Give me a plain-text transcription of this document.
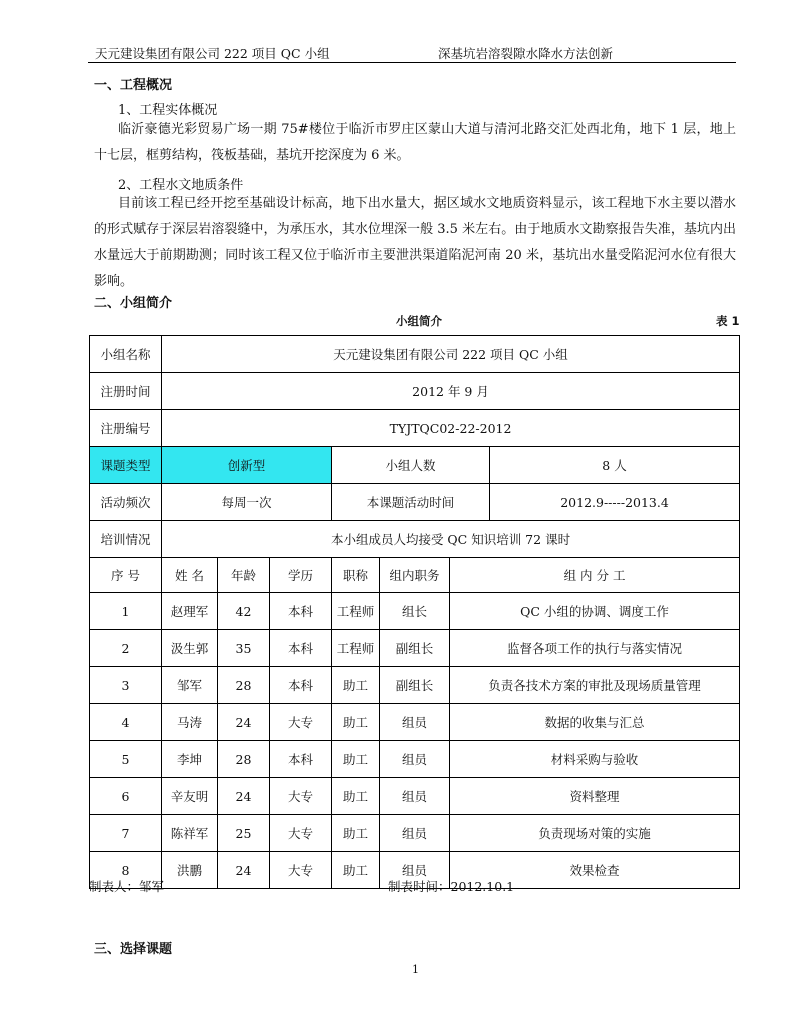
天元建设集团有限公司 222 项目 QC 小组	深基坑岩溶裂隙水降水方法创新
一、工程概况
1、工程实体概况

临沂豪德光彩贸易广场一期 75#楼位于临沂市罗庄区蒙山大道与清河北路交汇处西北角，地下 1 层，地上十七层，框剪结构，筏板基础，基坑开挖深度为 6 米。

2、工程水文地质条件

目前该工程已经开挖至基础设计标高，地下出水量大，据区域水文地质资料显示，该工程地下水主要以潜水的形式赋存于深层岩溶裂缝中，为承压水，其水位埋深一般 3.5 米左右。由于地质水文勘察报告失准，基坑内出水量远大于前期勘测；同时该工程又位于临沂市主要泄洪渠道陷泥河南 20 米，基坑出水量受陷泥河水位有很大影响。

二、小组简介
小组简介	表 1
小组名称	天元建设集团有限公司 222 项目 QC 小组						
注册时间	2012 年 9 月						
注册编号	TYJTQC02-22-2012						
课题类型	创新型			小组人数			8 人
活动频次	每周一次			本课题活动时间			2012.9-----2013.4
培训情况	本小组成员人均接受 QC 知识培训 72 课时						
序 号	姓 名	年龄	学历	职称	组内职务	组 内 分 工	
1	赵理军	42	本科	工程师	组长	QC 小组的协调、调度工作	
2	汲生郭	35	本科	工程师	副组长	监督各项工作的执行与落实情况	
3	邹军	28	本科	助工	副组长	负责各技术方案的审批及现场质量管理	
4	马涛	24	大专	助工	组员	数据的收集与汇总	
5	李坤	28	本科	助工	组员	材料采购与验收	
6	辛友明	24	大专	助工	组员	资料整理	
7	陈祥军	25	大专	助工	组员	负责现场对策的实施	
8	洪鹏	24	大专	助工	组员	效果检查	
制表人：邹军	制表时间：2012.10.1
三、选择课题
1
